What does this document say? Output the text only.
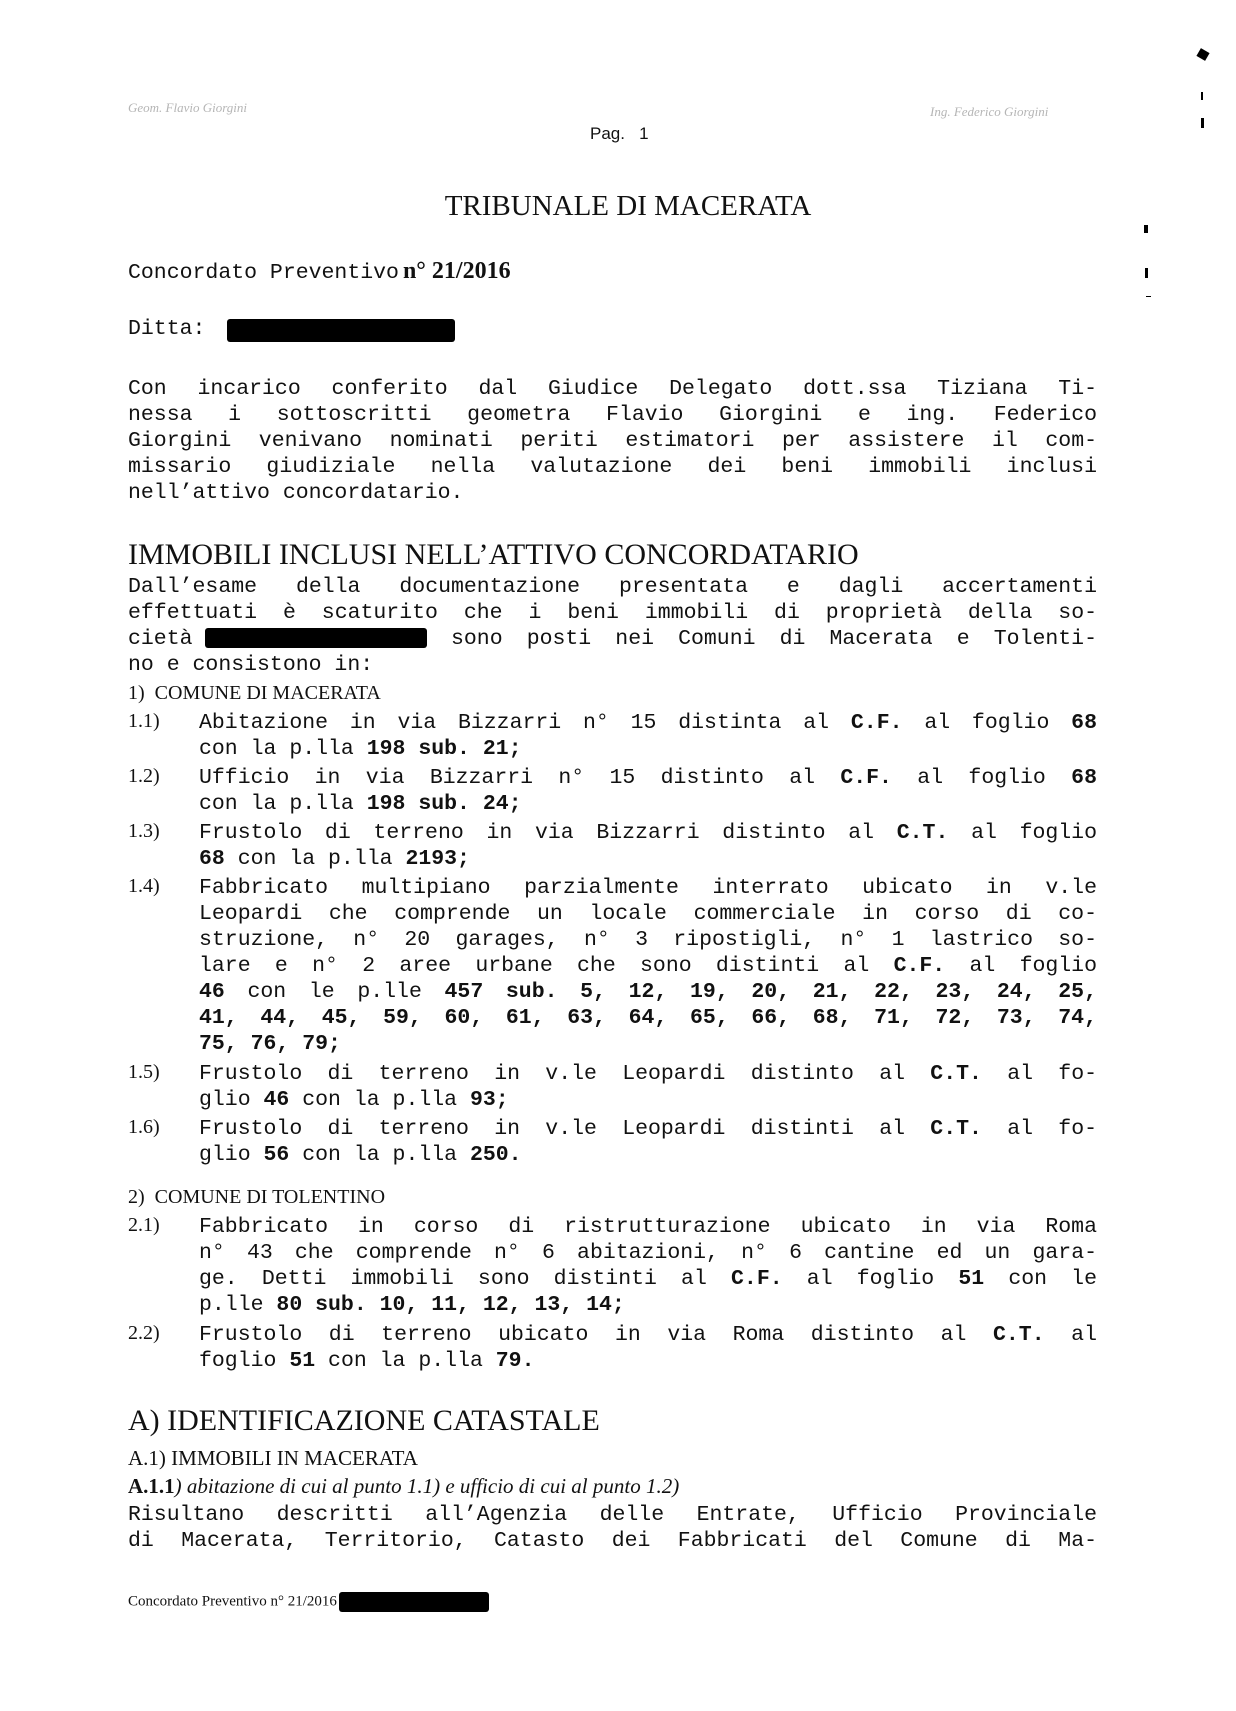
Geom. Flavio Giorgini	Ing. Federico Giorgini
Pag.   1
TRIBUNALE DI MACERATA
Concordato Preventivo n° 21/2016
Ditta:
Con incarico conferito dal Giudice Delegato dott.ssa Tiziana Ti-
nessa i sottoscritti geometra Flavio Giorgini e ing. Federico
Giorgini venivano nominati periti estimatori per assistere il com-
missario giudiziale nella valutazione dei beni immobili inclusi
nell’attivo concordatario.
IMMOBILI INCLUSI NELL’ATTIVO CONCORDATARIO
Dall’esame della documentazione presentata e dagli accertamenti
effettuati è scaturito che i beni immobili di proprietà della so-
cietà	sono posti nei Comuni di Macerata e Tolenti-
no e consistono in:
1)  COMUNE DI MACERATA
1.1) Abitazione in via Bizzarri n° 15 distinta al C.F. al foglio 68
con la p.lla 198 sub. 21;
1.2) Ufficio in via Bizzarri n° 15 distinto al C.F. al foglio 68
con la p.lla 198 sub. 24;
1.3) Frustolo di terreno in via Bizzarri distinto al C.T. al foglio
68 con la p.lla 2193;
1.4) Fabbricato multipiano parzialmente interrato ubicato in v.le
Leopardi che comprende un locale commerciale in corso di co-
struzione, n° 20 garages, n° 3 ripostigli, n° 1 lastrico so-
lare e n° 2 aree urbane che sono distinti al C.F. al foglio
46 con le p.lle 457 sub. 5, 12, 19, 20, 21, 22, 23, 24, 25,
41, 44, 45, 59, 60, 61, 63, 64, 65, 66, 68, 71, 72, 73, 74,
75, 76, 79;
1.5) Frustolo di terreno in v.le Leopardi distinto al C.T. al fo-
glio 46 con la p.lla 93;
1.6) Frustolo di terreno in v.le Leopardi distinti al C.T. al fo-
glio 56 con la p.lla 250.
2)  COMUNE DI TOLENTINO
2.1) Fabbricato in corso di ristrutturazione ubicato in via Roma
n° 43 che comprende n° 6 abitazioni, n° 6 cantine ed un gara-
ge. Detti immobili sono distinti al C.F. al foglio 51 con le
p.lle 80 sub. 10, 11, 12, 13, 14;
2.2) Frustolo di terreno ubicato in via Roma distinto al C.T. al
foglio 51 con la p.lla 79.
A) IDENTIFICAZIONE CATASTALE
A.1) IMMOBILI IN MACERATA
A.1.1) abitazione di cui al punto 1.1) e ufficio di cui al punto 1.2)
Risultano descritti all’Agenzia delle Entrate, Ufficio Provinciale
di Macerata, Territorio, Catasto dei Fabbricati del Comune di Ma-
Concordato Preventivo n° 21/2016
